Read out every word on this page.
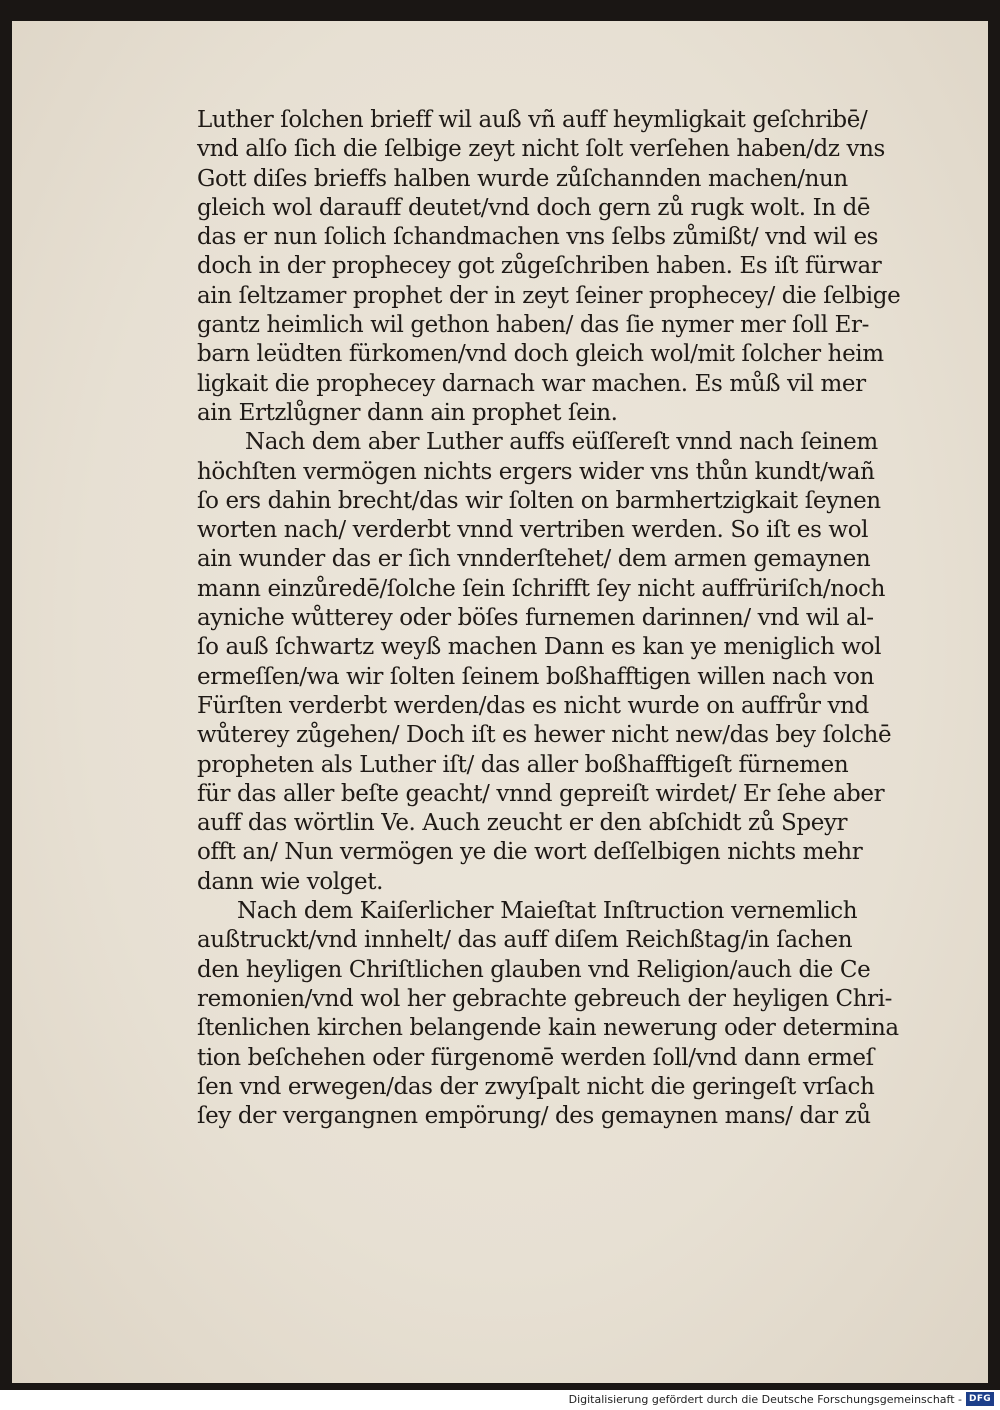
Luther ſolchen brieff wil auß vñ auff heymligkait geſchribē/
vnd alſo ſich die ſelbige zeyt nicht ſolt verſehen haben/dz vns
Gott diſes brieffs halben wurde zůſchannden machen/nun
gleich wol darauff deutet/vnd doch gern zů rugk wolt. In dē
das er nun ſolich ſchandmachen vns ſelbs zůmißt/ vnd wil es
doch in der prophecey got zůgeſchriben haben. Es iſt fürwar
ain ſeltzamer prophet der in zeyt ſeiner prophecey/ die ſelbige
gantz heimlich wil gethon haben/ das ſie nymer mer ſoll Er-
barn leüdten fürkomen/vnd doch gleich wol/mit ſolcher heim
ligkait die prophecey darnach war machen. Es můß vil mer
ain Ertzlůgner dann ain prophet ſein.

Nach dem aber Luther auffs eüſſereſt vnnd nach ſeinem
höchſten vermögen nichts ergers wider vns thůn kundt/wañ
ſo ers dahin brecht/das wir ſolten on barmhertzigkait ſeynen
worten nach/ verderbt vnnd vertriben werden. So iſt es wol
ain wunder das er ſich vnnderſtehet/ dem armen gemaynen
mann einzůredē/ſolche ſein ſchrifft ſey nicht auffrüriſch/noch
ayniche wůtterey oder böſes furnemen darinnen/ vnd wil al-
ſo auß ſchwartz weyß machen Dann es kan ye meniglich wol
ermeſſen/wa wir ſolten ſeinem boßhafftigen willen nach von
Fürſten verderbt werden/das es nicht wurde on auffrůr vnd
wůterey zůgehen/ Doch iſt es hewer nicht new/das bey ſolchē
propheten als Luther iſt/ das aller boßhafftigeſt fürnemen
für das aller beſte geacht/ vnnd gepreiſt wirdet/ Er ſehe aber
auff das wörtlin Ve. Auch zeucht er den abſchidt zů Speyr
offt an/ Nun vermögen ye die wort deſſelbigen nichts mehr
dann wie volget.

Nach dem Kaiſerlicher Maieſtat Inſtruction vernemlich
außtruckt/vnd innhelt/ das auff diſem Reichßtag/in ſachen
den heyligen Chriſtlichen glauben vnd Religion/auch die Ce
remonien/vnd wol her gebrachte gebreuch der heyligen Chri-
ſtenlichen kirchen belangende kain newerung oder determina
tion beſchehen oder fürgenomē werden ſoll/vnd dann ermeſ
ſen vnd erwegen/das der zwyſpalt nicht die geringeſt vrſach
ſey der vergangnen empörung/ des gemaynen mans/ dar zů

Digitalisierung gefördert durch die Deutsche Forschungsgemeinschaft - DFG
